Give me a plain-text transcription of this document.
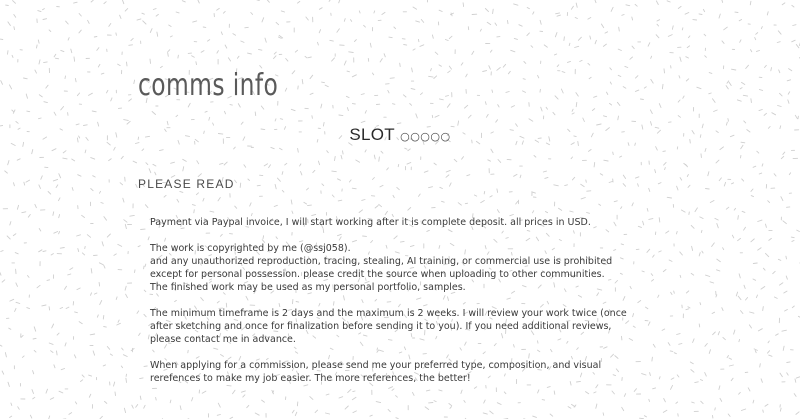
comms info
SLOT ○○○○○
PLEASE READ

Payment via Paypal invoice, I will start working after it is complete deposit. all prices in USD.

The work is copyrighted by me (@ssj058).
and any unauthorized reproduction, tracing, stealing, AI training, or commercial use is prohibited
except for personal possession. please credit the source when uploading to other communities.
The finished work may be used as my personal portfolio, samples.

The minimum timeframe is 2 days and the maximum is 2 weeks. I will review your work twice (once
after sketching and once for finalization before sending it to you). If you need additional reviews,
please contact me in advance.

When applying for a commission, please send me your preferred type, composition, and visual
rerefences to make my job easier. The more references, the better!
